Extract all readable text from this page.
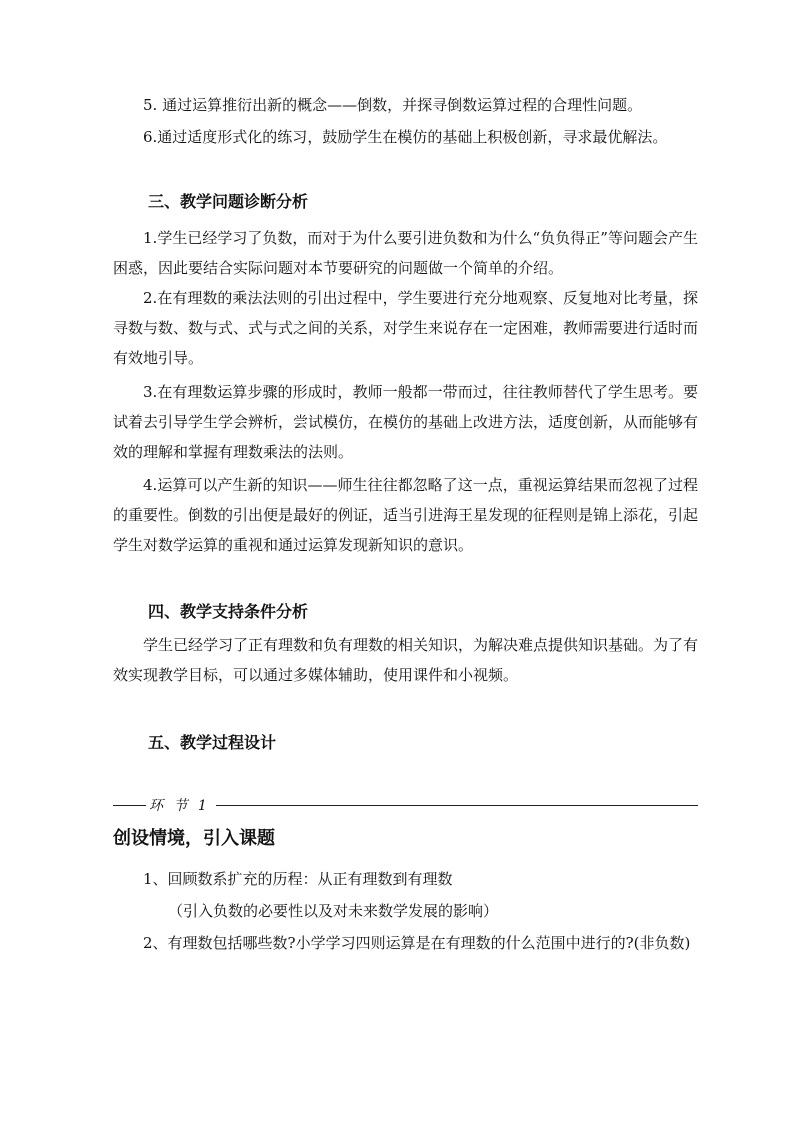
5. 通过运算推衍出新的概念——倒数，并探寻倒数运算过程的合理性问题。

6.通过适度形式化的练习，鼓励学生在模仿的基础上积极创新，寻求最优解法。

三、教学问题诊断分析

1.学生已经学习了负数，而对于为什么要引进负数和为什么“负负得正”等问题会产生困惑，因此要结合实际问题对本节要研究的问题做一个简单的介绍。

2.在有理数的乘法法则的引出过程中，学生要进行充分地观察、反复地对比考量，探寻数与数、数与式、式与式之间的关系，对学生来说存在一定困难，教师需要进行适时而有效地引导。

3.在有理数运算步骤的形成时，教师一般都一带而过，往往教师替代了学生思考。要试着去引导学生学会辨析，尝试模仿，在模仿的基础上改进方法，适度创新，从而能够有效的理解和掌握有理数乘法的法则。

4.运算可以产生新的知识——师生往往都忽略了这一点，重视运算结果而忽视了过程的重要性。倒数的引出便是最好的例证，适当引进海王星发现的征程则是锦上添花，引起学生对数学运算的重视和通过运算发现新知识的意识。

四、教学支持条件分析

学生已经学习了正有理数和负有理数的相关知识，为解决难点提供知识基础。为了有效实现教学目标，可以通过多媒体辅助，使用课件和小视频。

五、教学过程设计
环 节 1
创设情境，引入课题

1、回顾数系扩充的历程：从正有理数到有理数

（引入负数的必要性以及对未来数学发展的影响）

2、有理数包括哪些数?小学学习四则运算是在有理数的什么范围中进行的?(非负数)
